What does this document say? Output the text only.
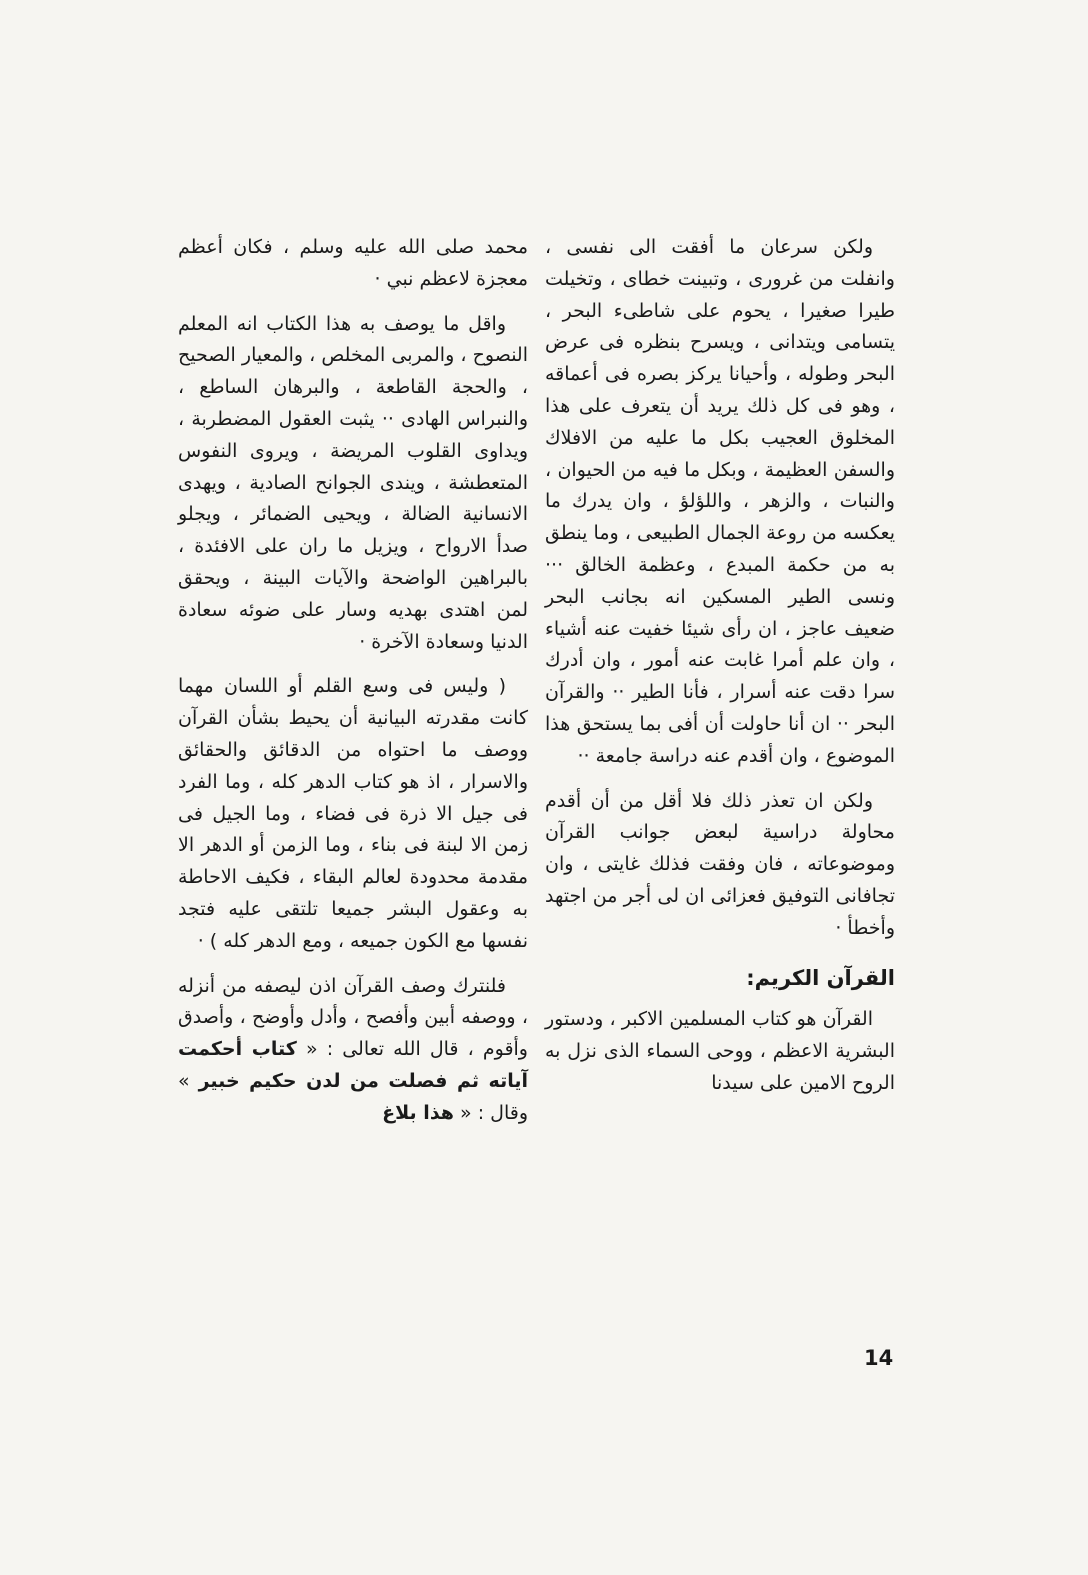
ولكن سرعان ما أفقت الى نفسى ، وانفلت من غرورى ، وتبينت خطاى ، وتخيلت طيرا صغيرا ، يحوم على شاطىء البحر ، يتسامى ويتدانى ، ويسرح بنظره فى عرض البحر وطوله ، وأحيانا يركز بصره فى أعماقه ، وهو فى كل ذلك يريد أن يتعرف على هذا المخلوق العجيب بكل ما عليه من الافلاك والسفن العظيمة ، وبكل ما فيه من الحيوان ، والنبات ، والزهر ، واللؤلؤ ، وان يدرك ما يعكسه من روعة الجمال الطبيعى ، وما ينطق به من حكمة المبدع ، وعظمة الخالق ··· ونسى الطير المسكين انه بجانب البحر ضعيف عاجز ، ان رأى شيئا خفيت عنه أشياء ، وان علم أمرا غابت عنه أمور ، وان أدرك سرا دقت عنه أسرار ، فأنا الطير ·· والقرآن البحر ·· ان أنا حاولت أن أفى بما يستحق هذا الموضوع ، وان أقدم عنه دراسة جامعة ··

ولكن ان تعذر ذلك فلا أقل من أن أقدم محاولة دراسية لبعض جوانب القرآن وموضوعاته ، فان وفقت فذلك غايتى ، وان تجافانى التوفيق فعزائى ان لى أجر من اجتهد وأخطأ ·

القرآن الكريم:

القرآن هو كتاب المسلمين الاكبر ، ودستور البشرية الاعظم ، ووحى السماء الذى نزل به الروح الامين على سيدنا

محمد صلى الله عليه وسلم ، فكان أعظم معجزة لاعظم نبي ·

واقل ما يوصف به هذا الكتاب انه المعلم النصوح ، والمربى المخلص ، والمعيار الصحيح ، والحجة القاطعة ، والبرهان الساطع ، والنبراس الهادى ·· يثبت العقول المضطربة ، ويداوى القلوب المريضة ، ويروى النفوس المتعطشة ، ويندى الجوانح الصادية ، ويهدى الانسانية الضالة ، ويحيى الضمائر ، ويجلو صدأ الارواح ، ويزيل ما ران على الافئدة ، بالبراهين الواضحة والآيات البينة ، ويحقق لمن اهتدى بهديه وسار على ضوئه سعادة الدنيا وسعادة الآخرة ·

( وليس فى وسع القلم أو اللسان مهما كانت مقدرته البيانية أن يحيط بشأن القرآن ووصف ما احتواه من الدقائق والحقائق والاسرار ، اذ هو كتاب الدهر كله ، وما الفرد فى جيل الا ذرة فى فضاء ، وما الجيل فى زمن الا لبنة فى بناء ، وما الزمن أو الدهر الا مقدمة محدودة لعالم البقاء ، فكيف الاحاطة به وعقول البشر جميعا تلتقى عليه فتجد نفسها مع الكون جميعه ، ومع الدهر كله ) ·

فلنترك وصف القرآن اذن ليصفه من أنزله ، ووصفه أبين وأفصح ، وأدل وأوضح ، وأصدق وأقوم ، قال الله تعالى : « كتاب أحكمت آياته ثم فصلت من لدن حكيم خبير » وقال : « هذا بلاغ

14
